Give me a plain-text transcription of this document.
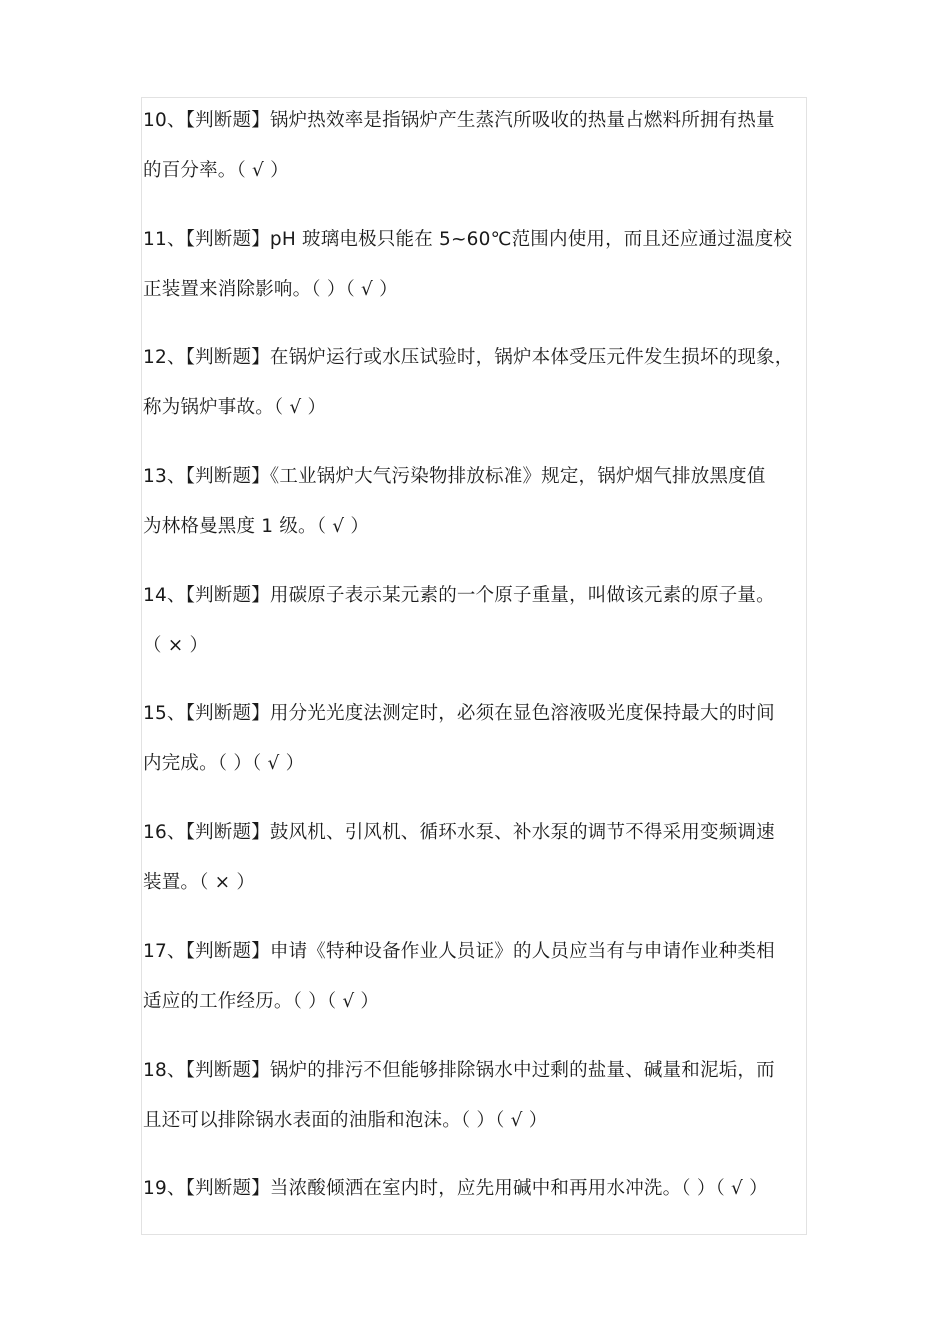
10、【判断题】锅炉热效率是指锅炉产生蒸汽所吸收的热量占燃料所拥有热量
的百分率。（ √ ）
11、【判断题】pH 玻璃电极只能在 5~60℃范围内使用，而且还应通过温度校
正装置来消除影响。（ ）（ √ ）
12、【判断题】在锅炉运行或水压试验时，锅炉本体受压元件发生损坏的现象，
称为锅炉事故。（ √ ）
13、【判断题】《工业锅炉大气污染物排放标准》规定，锅炉烟气排放黑度值
为林格曼黑度 1 级。（ √ ）
14、【判断题】用碳原子表示某元素的一个原子重量，叫做该元素的原子量。
（ × ）
15、【判断题】用分光光度法测定时，必须在显色溶液吸光度保持最大的时间
内完成。（ ）（ √ ）
16、【判断题】鼓风机、引风机、循环水泵、补水泵的调节不得采用变频调速
装置。（ × ）
17、【判断题】申请《特种设备作业人员证》的人员应当有与申请作业种类相
适应的工作经历。（ ）（ √ ）
18、【判断题】锅炉的排污不但能够排除锅水中过剩的盐量、碱量和泥垢，而
且还可以排除锅水表面的油脂和泡沫。（ ）（ √ ）
19、【判断题】当浓酸倾洒在室内时，应先用碱中和再用水冲洗。（ ）（ √ ）
